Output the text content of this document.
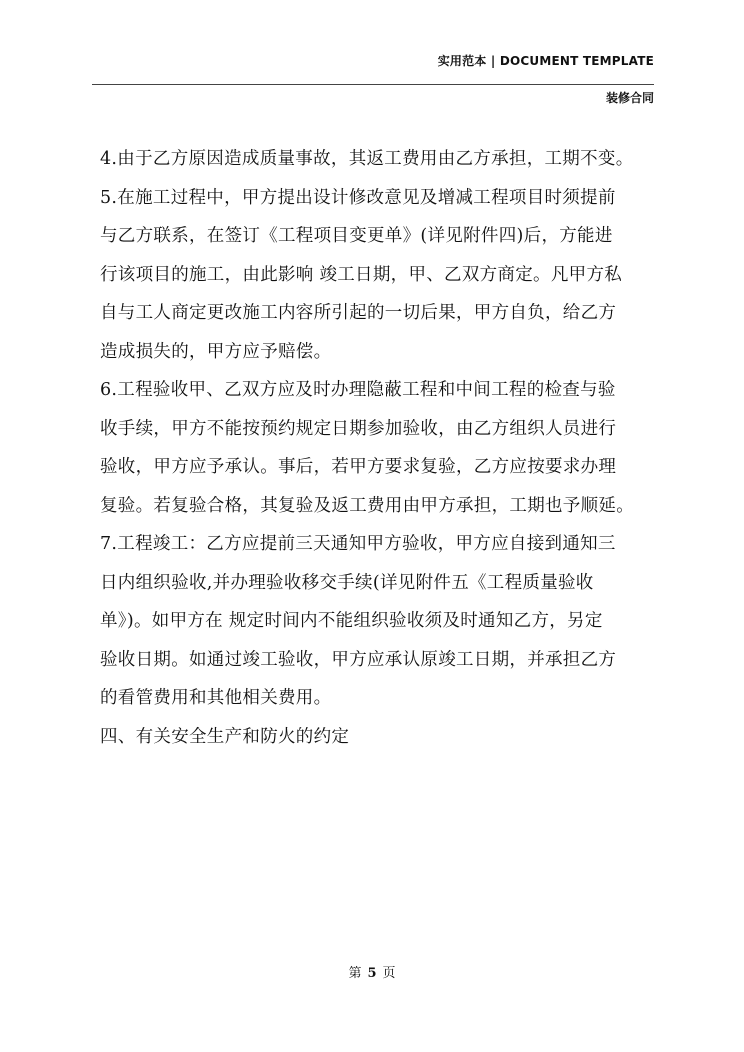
实用范本 | DOCUMENT TEMPLATE
装修合同
4.由于乙方原因造成质量事故，其返工费用由乙方承担，工期不变。
5.在施工过程中，甲方提出设计修改意见及增减工程项目时须提前
与乙方联系，在签订《工程项目变更单》(详见附件四)后，方能进
行该项目的施工，由此影响 竣工日期，甲、乙双方商定。凡甲方私
自与工人商定更改施工内容所引起的一切后果，甲方自负，给乙方
造成损失的，甲方应予赔偿。
6.工程验收甲、乙双方应及时办理隐蔽工程和中间工程的检查与验
收手续，甲方不能按预约规定日期参加验收，由乙方组织人员进行
验收，甲方应予承认。事后，若甲方要求复验，乙方应按要求办理
复验。若复验合格，其复验及返工费用由甲方承担，工期也予顺延。
7.工程竣工：乙方应提前三天通知甲方验收，甲方应自接到通知三
日内组织验收,并办理验收移交手续(详见附件五《工程质量验收
单》)。如甲方在 规定时间内不能组织验收须及时通知乙方，另定
验收日期。如通过竣工验收，甲方应承认原竣工日期，并承担乙方
的看管费用和其他相关费用。
四、有关安全生产和防火的约定
第 5 页
